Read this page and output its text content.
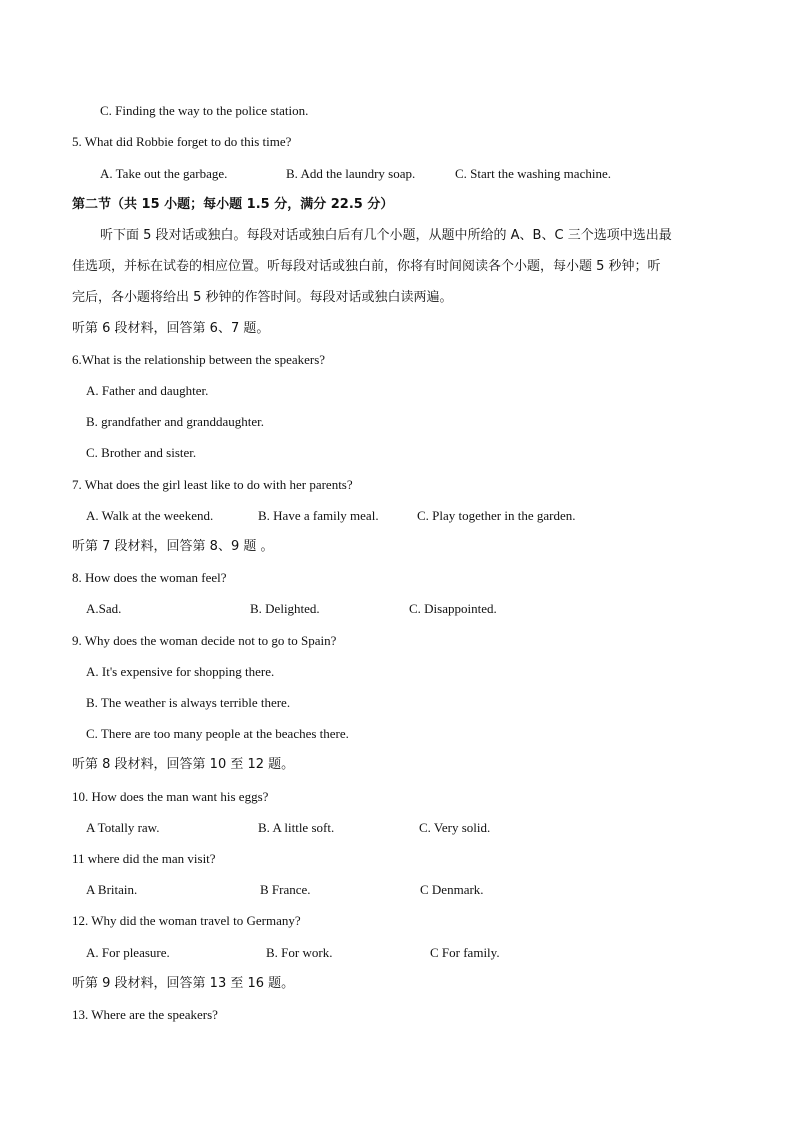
C. Finding the way to the police station.
5. What did Robbie forget to do this time?
A. Take out the garbage.	B. Add the laundry soap.	C. Start the washing machine.
第二节（共 15 小题；每小题 1.5 分，满分 22.5 分）
听下面 5 段对话或独白。每段对话或独白后有几个小题，从题中所给的 A、B、C 三个选项中选出最
佳选项，并标在试卷的相应位置。听每段对话或独白前，你将有时间阅读各个小题，每小题 5 秒钟；听
完后，各小题将给出 5 秒钟的作答时间。每段对话或独白读两遍。
听第 6 段材料，回答第 6、7 题。
6.What is the relationship between the speakers?
A. Father and daughter.
B. grandfather and granddaughter.
C. Brother and sister.
7. What does the girl least like to do with her parents?
A. Walk at the weekend.	B. Have a family meal.	C. Play together in the garden.
听第 7 段材料，回答第 8、9 题 。
8. How does the woman feel?
A.Sad.	B. Delighted.	C. Disappointed.
9. Why does the woman decide not to go to Spain?
A. It's expensive for shopping there.
B. The weather is always terrible there.
C. There are too many people at the beaches there.
听第 8 段材料，回答第 10 至 12 题。
10. How does the man want his eggs?
A Totally raw.	B. A little soft.	C. Very solid.
11 where did the man visit?
A Britain.	B France.	C Denmark.
12. Why did the woman travel to Germany?
A. For pleasure.	B. For work.	C For family.
听第 9 段材料，回答第 13 至 16 题。
13. Where are the speakers?
